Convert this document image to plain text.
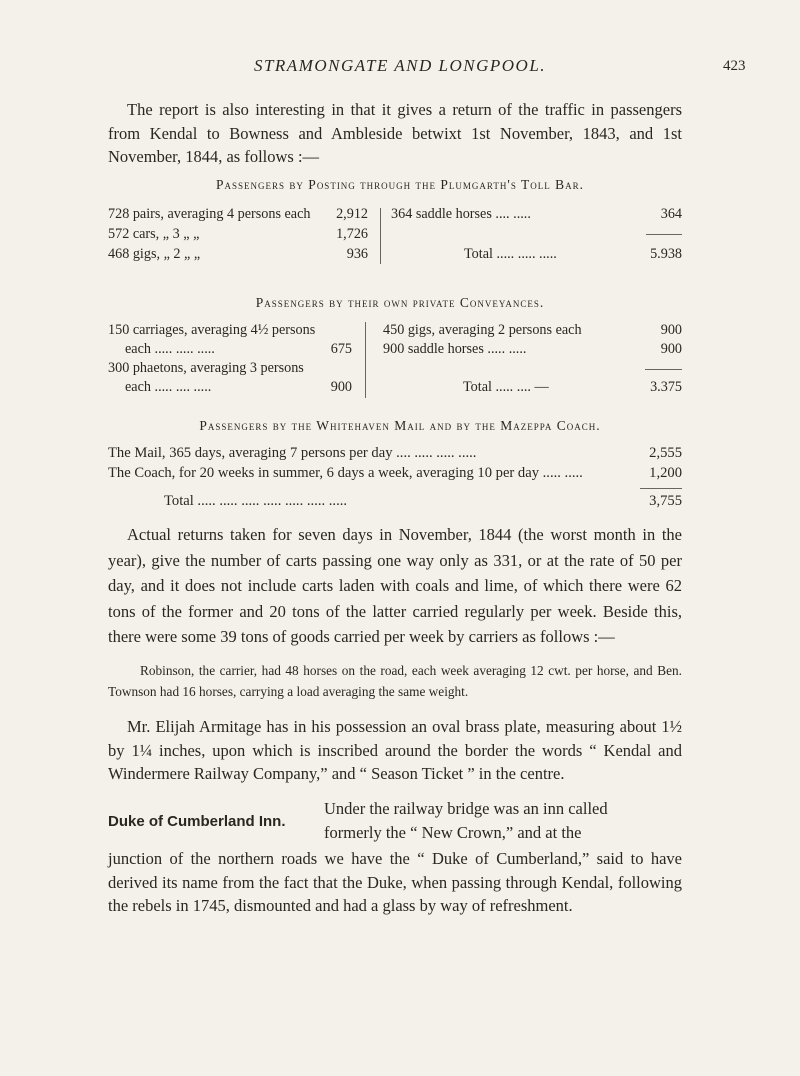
STRAMONGATE AND LONGPOOL.	423
The report is also interesting in that it gives a return of the traffic in passengers from Kendal to Bowness and Ambleside betwixt 1st November, 1843, and 1st November, 1844, as follows :—
Passengers by Posting through the Plumgarth's Toll Bar.
728 pairs, averaging 4 persons each	2,912
572 cars, „ 3 „ „	1,726
468 gigs, „ 2 „ „	936
364 saddle horses .... .....	364
Total ..... ..... .....	5.938
Passengers by their own private Conveyances.
150 carriages, averaging 4½ persons
each ..... ..... .....	675
300 phaetons, averaging 3 persons
each ..... .... .....	900
450 gigs, averaging 2 persons each	900
900 saddle horses ..... .....	900
Total ..... .... —	3.375
Passengers by the Whitehaven Mail and by the Mazeppa Coach.
The Mail, 365 days, averaging 7 persons per day .... ..... ..... .....	2,555
The Coach, for 20 weeks in summer, 6 days a week, averaging 10 per day ..... .....	1,200
Total ..... ..... ..... ..... ..... ..... .....	3,755
Actual returns taken for seven days in November, 1844 (the worst month in the year), give the number of carts passing one way only as 331, or at the rate of 50 per day, and it does not include carts laden with coals and lime, of which there were 62 tons of the former and 20 tons of the latter carried regularly per week. Beside this, there were some 39 tons of goods carried per week by carriers as follows :—
Robinson, the carrier, had 48 horses on the road, each week averaging 12 cwt. per horse, and Ben. Townson had 16 horses, carrying a load averaging the same weight.
Mr. Elijah Armitage has in his possession an oval brass plate, measuring about 1½ by 1¼ inches, upon which is inscribed around the border the words “ Kendal and Windermere Railway Company,” and “ Season Ticket ” in the centre.
Duke of Cumberland Inn.
Under the railway bridge was an inn called
formerly the “ New Crown,” and at the
junction of the northern roads we have the “ Duke of Cumberland,” said to have derived its name from the fact that the Duke, when passing through Kendal, following the rebels in 1745, dismounted and had a glass by way of refreshment.
